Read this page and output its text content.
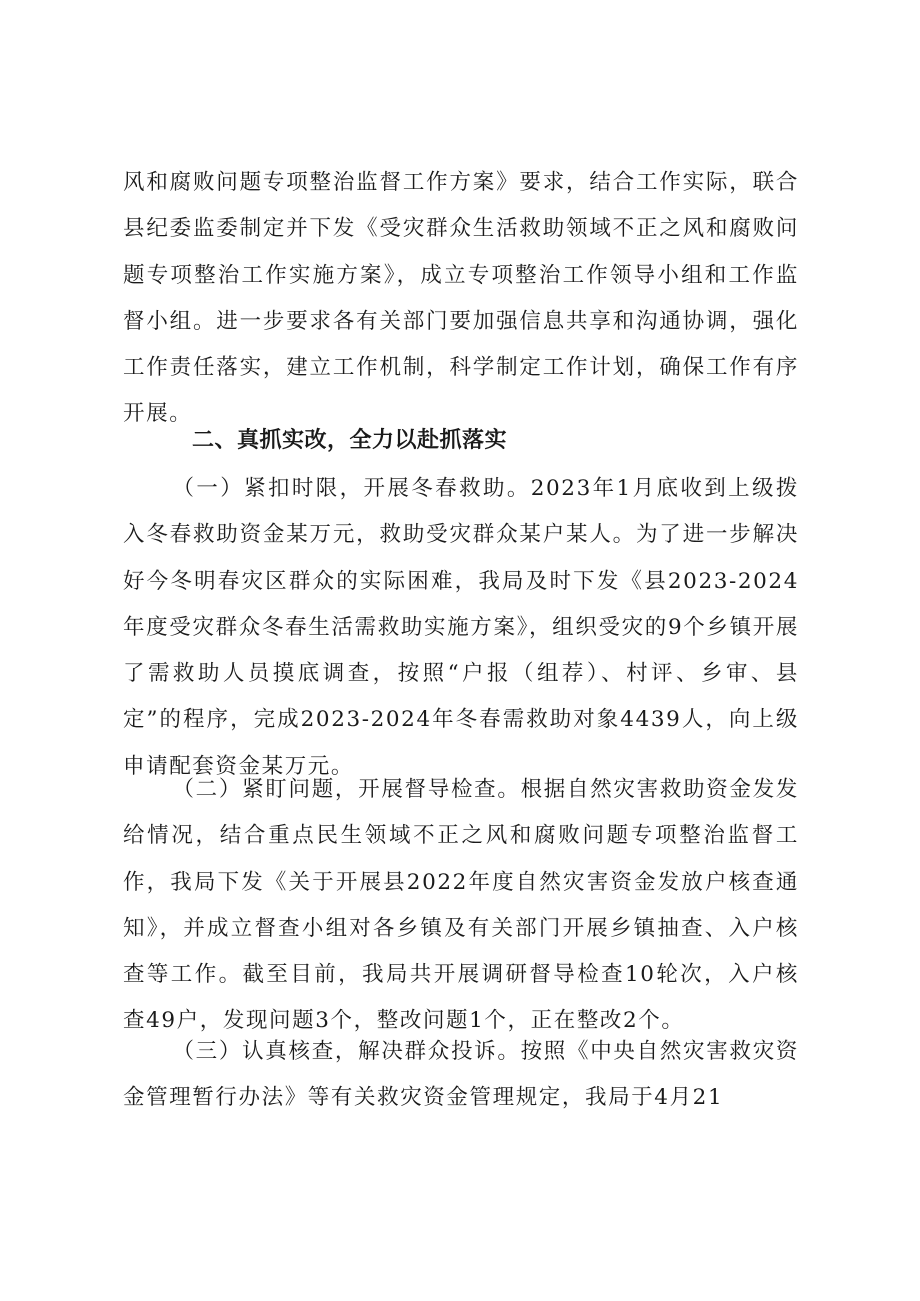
风和腐败问题专项整治监督工作方案》要求，结合工作实际，联合县纪委监委制定并下发《受灾群众生活救助领域不正之风和腐败问题专项整治工作实施方案》，成立专项整治工作领导小组和工作监督小组。进一步要求各有关部门要加强信息共享和沟通协调，强化工作责任落实，建立工作机制，科学制定工作计划，确保工作有序开展。

二、真抓实改，全力以赴抓落实

（一）紧扣时限，开展冬春救助。2023年1月底收到上级拨入冬春救助资金某万元，救助受灾群众某户某人。为了进一步解决好今冬明春灾区群众的实际困难，我局及时下发《县2023-2024年度受灾群众冬春生活需救助实施方案》，组织受灾的9个乡镇开展了需救助人员摸底调查，按照“户报（组荐）、村评、乡审、县定”的程序，完成2023-2024年冬春需救助对象4439人，向上级申请配套资金某万元。

（二）紧盯问题，开展督导检查。根据自然灾害救助资金发发给情况，结合重点民生领域不正之风和腐败问题专项整治监督工作，我局下发《关于开展县2022年度自然灾害资金发放户核查通知》，并成立督查小组对各乡镇及有关部门开展乡镇抽查、入户核查等工作。截至目前，我局共开展调研督导检查10轮次，入户核查49户，发现问题3个，整改问题1个，正在整改2个。

（三）认真核查，解决群众投诉。按照《中央自然灾害救灾资金管理暂行办法》等有关救灾资金管理规定，我局于4月21
